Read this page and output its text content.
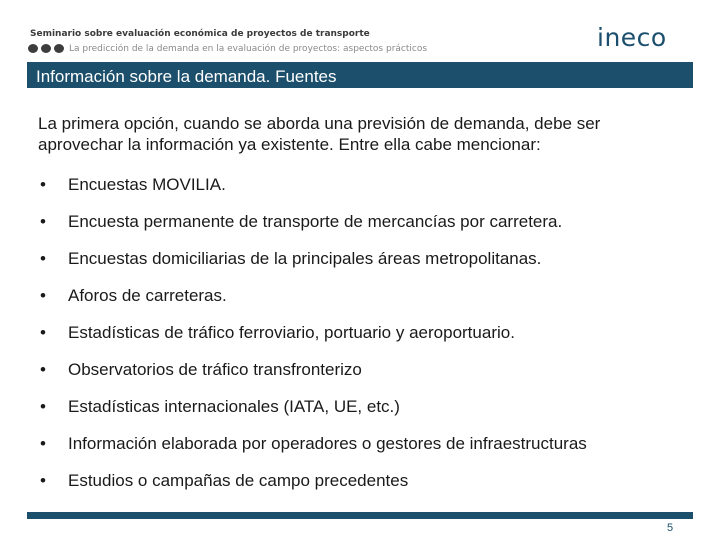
Seminario sobre evaluación económica de proyectos de transporte
La predicción de la demanda en la evaluación de proyectos: aspectos prácticos	ineco
Información sobre la demanda. Fuentes
La primera opción, cuando se aborda una previsión de demanda, debe ser aprovechar la información ya existente. Entre ella cabe mencionar:
•	Encuestas MOVILIA.
•	Encuesta permanente de transporte de mercancías por carretera.
•	Encuestas domiciliarias de la principales áreas metropolitanas.
•	Aforos de carreteras.
•	Estadísticas de tráfico ferroviario, portuario y aeroportuario.
•	Observatorios de tráfico transfronterizo
•	Estadísticas internacionales (IATA, UE, etc.)
•	Información elaborada por operadores o gestores de infraestructuras
•	Estudios o campañas de campo precedentes
5
